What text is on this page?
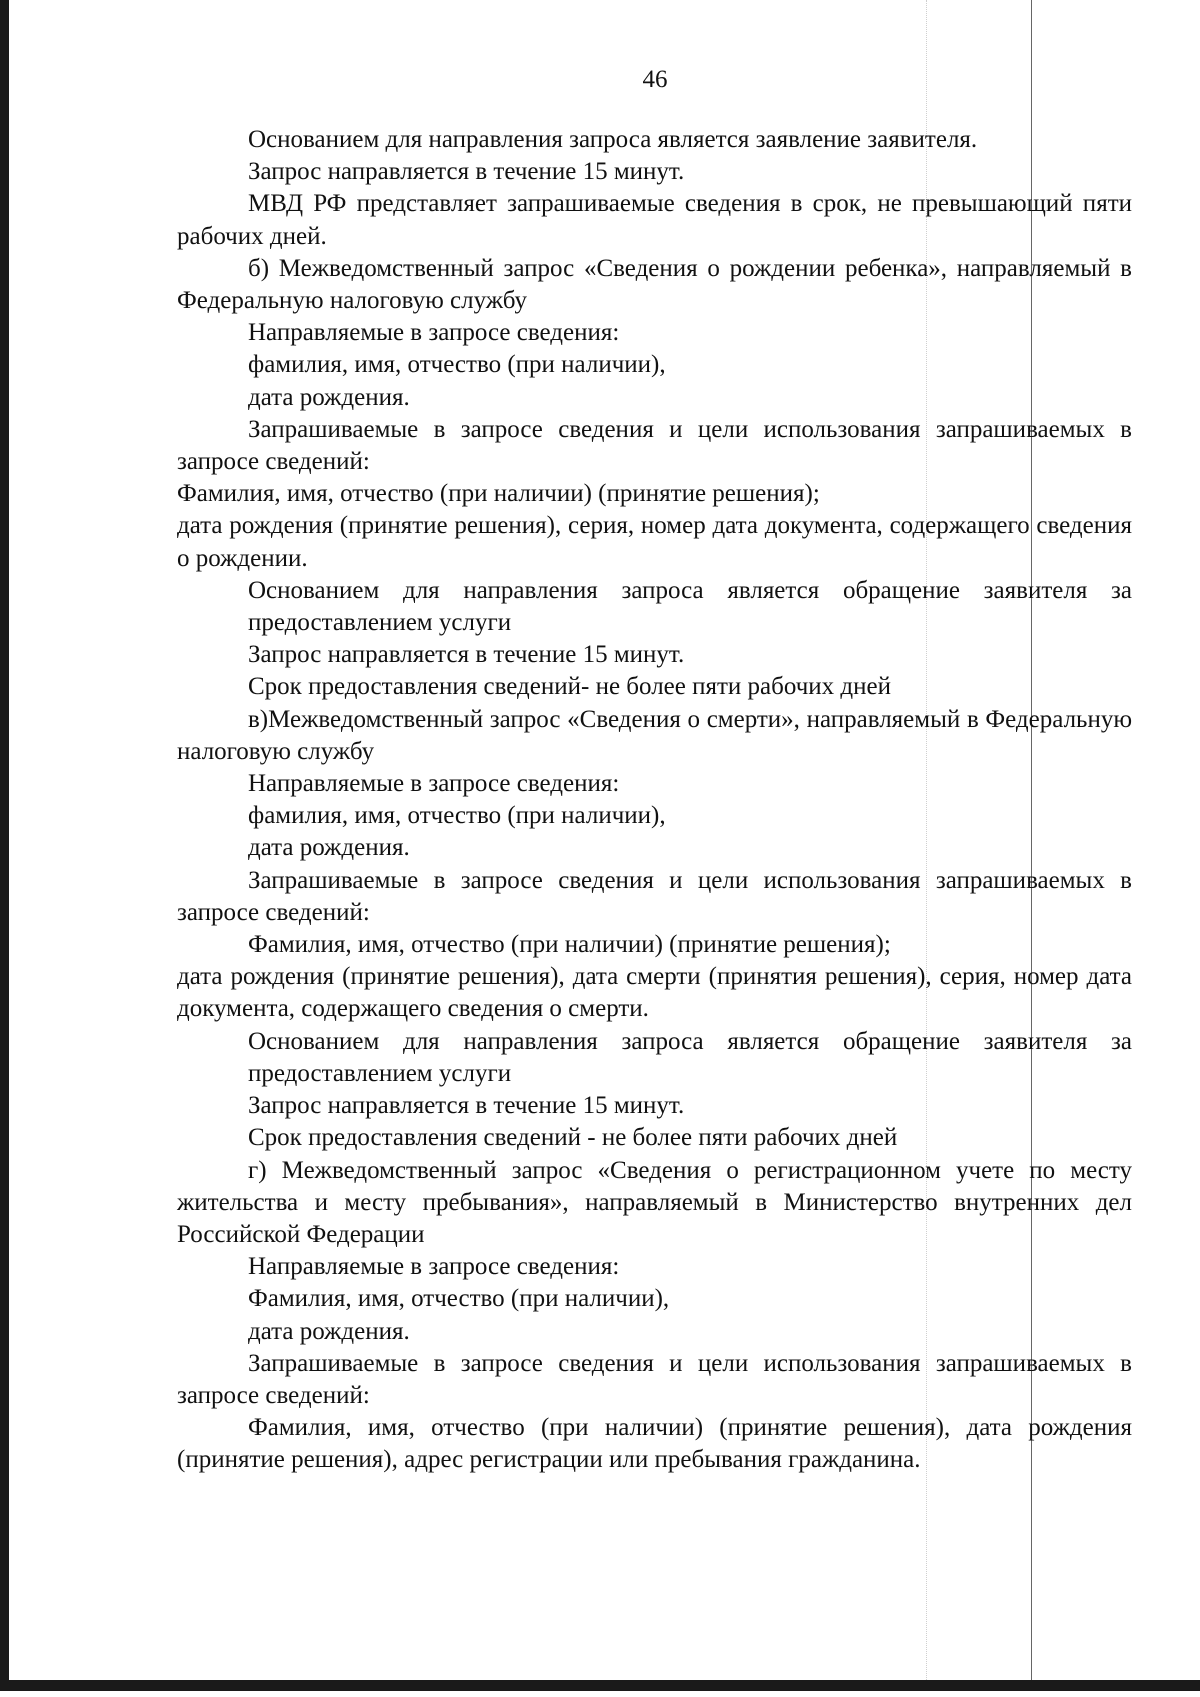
46

Основанием для направления запроса является заявление заявителя.

Запрос направляется в течение 15 минут.

МВД РФ представляет запрашиваемые сведения в срок, не превышающий пяти рабочих дней.

б) Межведомственный запрос «Сведения о рождении ребенка», направляемый в Федеральную налоговую службу

Направляемые в запросе сведения:

фамилия, имя, отчество (при наличии),

дата рождения.

Запрашиваемые в запросе сведения и цели использования запрашиваемых в запросе сведений:

Фамилия, имя, отчество (при наличии) (принятие решения);

дата рождения (принятие решения), серия, номер дата документа, содержащего сведения о рождении.

Основанием для направления запроса является обращение заявителя за предоставлением услуги

Запрос направляется в течение 15 минут.

Срок предоставления сведений- не более пяти рабочих дней

в)Межведомственный запрос «Сведения о смерти», направляемый в Федеральную налоговую службу

Направляемые в запросе сведения:

фамилия, имя, отчество (при наличии),

дата рождения.

Запрашиваемые в запросе сведения и цели использования запрашиваемых в запросе сведений:

Фамилия, имя, отчество (при наличии) (принятие решения);

дата рождения (принятие решения), дата смерти (принятия решения), серия, номер дата документа, содержащего сведения о смерти.

Основанием для направления запроса является обращение заявителя за предоставлением услуги

Запрос направляется в течение 15 минут.

Срок предоставления сведений - не более пяти рабочих дней

г) Межведомственный запрос «Сведения о регистрационном учете по месту жительства и месту пребывания», направляемый в Министерство внутренних дел Российской Федерации

Направляемые в запросе сведения:

Фамилия, имя, отчество (при наличии),

дата рождения.

Запрашиваемые в запросе сведения и цели использования запрашиваемых в запросе сведений:

Фамилия, имя, отчество (при наличии) (принятие решения), дата рождения (принятие решения), адрес регистрации или пребывания гражданина.
